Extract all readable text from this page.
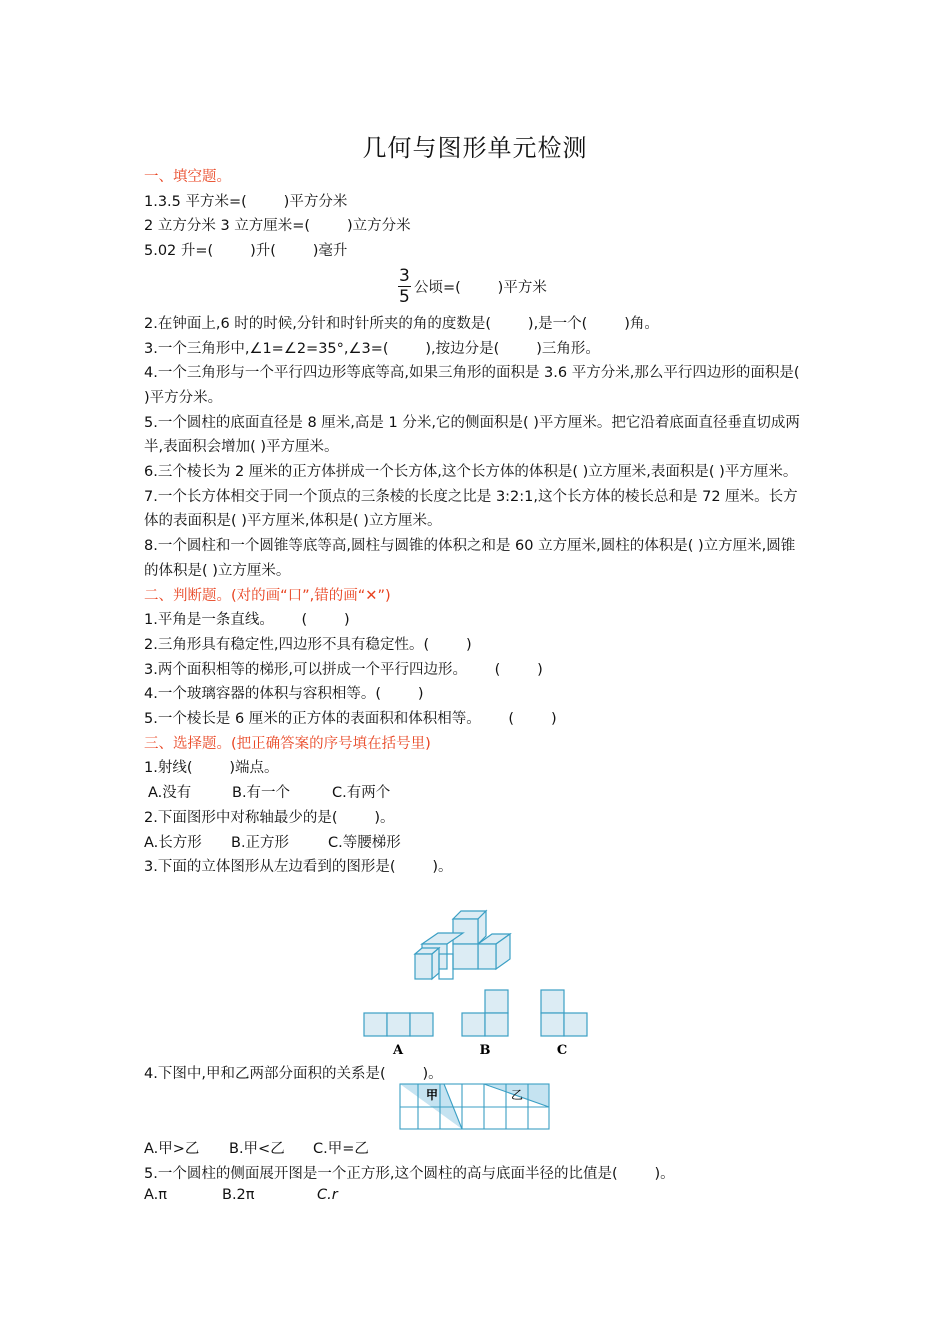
几何与图形单元检测
一、填空题。
1.3.5 平方米=(        )平方分米
2 立方分米 3 立方厘米=(        )立方分米
5.02 升=(        )升(        )毫升
$\frac{3}{5}$ 公顷=(        )平方米
2.在钟面上,6 时的时候,分针和时针所夹的角的度数是(        ),是一个(        )角。
3.一个三角形中,∠1=∠2=35°,∠3=(        ),按边分是(        )三角形。
4.一个三角形与一个平行四边形等底等高,如果三角形的面积是 3.6 平方分米,那么平行四边形的面积是( )平方分米。
5.一个圆柱的底面直径是 8 厘米,高是 1 分米,它的侧面积是( )平方厘米。把它沿着底面直径垂直切成两半,表面积会增加( )平方厘米。
6.三个棱长为 2 厘米的正方体拼成一个长方体,这个长方体的体积是( )立方厘米,表面积是( )平方厘米。
7.一个长方体相交于同一个顶点的三条棱的长度之比是 3:2:1,这个长方体的棱长总和是 72 厘米。长方体的表面积是( )平方厘米,体积是( )立方厘米。
8.一个圆柱和一个圆锥等底等高,圆柱与圆锥的体积之和是 60 立方厘米,圆柱的体积是( )立方厘米,圆锥的体积是( )立方厘米。
二、判断题。(对的画“口”,错的画“✕”)
1.平角是一条直线。      (        )
2.三角形具有稳定性,四边形不具有稳定性。(        )
3.两个面积相等的梯形,可以拼成一个平行四边形。      (        )
4.一个玻璃容器的体积与容积相等。(        )
5.一个棱长是 6 厘米的正方体的表面积和体积相等。      (        )
三、选择题。(把正确答案的序号填在括号里)
1.射线(        )端点。
A.没有	B.有一个	C.有两个
2.下面图形中对称轴最少的是(        )。
A.长方形 B.正方形	C.等腰梯形
3.下面的立体图形从左边看到的图形是(        )。
A	B	C
4.下图中,甲和乙两部分面积的关系是(        )。
甲	乙
A.甲>乙 B.甲<乙 C.甲=乙
5.一个圆柱的侧面展开图是一个正方形,这个圆柱的高与底面半径的比值是(        )。
A.π	B.2π	C.r
